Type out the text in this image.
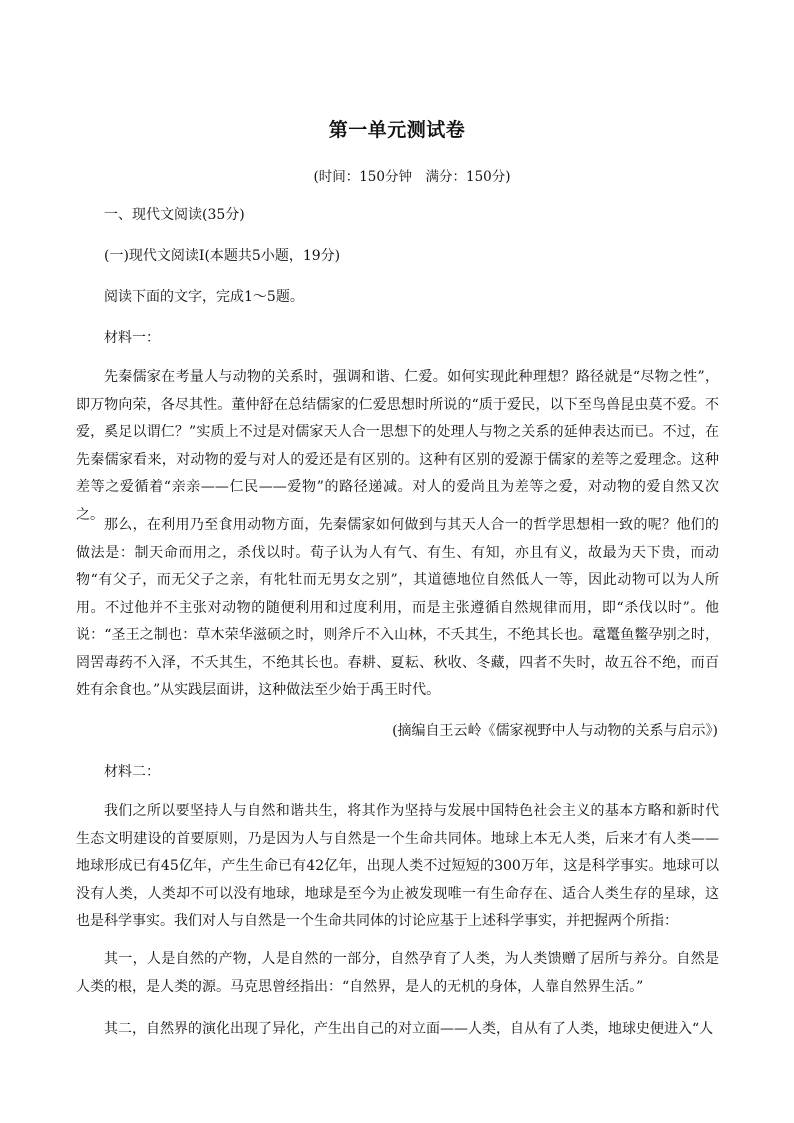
第一单元测试卷
(时间：150分钟　满分：150分)
一、现代文阅读(35分)
(一)现代文阅读Ⅰ(本题共5小题，19分)
阅读下面的文字，完成1～5题。
材料一：

先秦儒家在考量人与动物的关系时，强调和谐、仁爱。如何实现此种理想？路径就是“尽物之性”，即万物向荣，各尽其性。董仲舒在总结儒家的仁爱思想时所说的“质于爱民，以下至鸟兽昆虫莫不爱。不爱，奚足以谓仁？”实质上不过是对儒家天人合一思想下的处理人与物之关系的延伸表达而已。不过，在先秦儒家看来，对动物的爱与对人的爱还是有区别的。这种有区别的爱源于儒家的差等之爱理念。这种差等之爱循着“亲亲——仁民——爱物”的路径递减。对人的爱尚且为差等之爱，对动物的爱自然又次之。

那么，在利用乃至食用动物方面，先秦儒家如何做到与其天人合一的哲学思想相一致的呢？他们的做法是：制天命而用之，杀伐以时。荀子认为人有气、有生、有知，亦且有义，故最为天下贵，而动物“有父子，而无父子之亲，有牝牡而无男女之别”，其道德地位自然低人一等，因此动物可以为人所用。不过他并不主张对动物的随便利用和过度利用，而是主张遵循自然规律而用，即“杀伐以时”。他说：“圣王之制也：草木荣华滋硕之时，则斧斤不入山林，不夭其生，不绝其长也。鼋鼍鱼鳖孕别之时，罔罟毒药不入泽，不夭其生，不绝其长也。春耕、夏耘、秋收、冬藏，四者不失时，故五谷不绝，而百姓有余食也。”从实践层面讲，这种做法至少始于禹王时代。

(摘编自王云岭《儒家视野中人与动物的关系与启示》)
材料二：

我们之所以要坚持人与自然和谐共生，将其作为坚持与发展中国特色社会主义的基本方略和新时代生态文明建设的首要原则，乃是因为人与自然是一个生命共同体。地球上本无人类，后来才有人类——地球形成已有45亿年，产生生命已有42亿年，出现人类不过短短的300万年，这是科学事实。地球可以没有人类，人类却不可以没有地球，地球是至今为止被发现唯一有生命存在、适合人类生存的星球，这也是科学事实。我们对人与自然是一个生命共同体的讨论应基于上述科学事实，并把握两个所指：

其一，人是自然的产物，人是自然的一部分，自然孕育了人类，为人类馈赠了居所与养分。自然是人类的根，是人类的源。马克思曾经指出：“自然界，是人的无机的身体，人靠自然界生活。”

其二，自然界的演化出现了异化，产生出自己的对立面——人类，自从有了人类，地球史便进入“人
